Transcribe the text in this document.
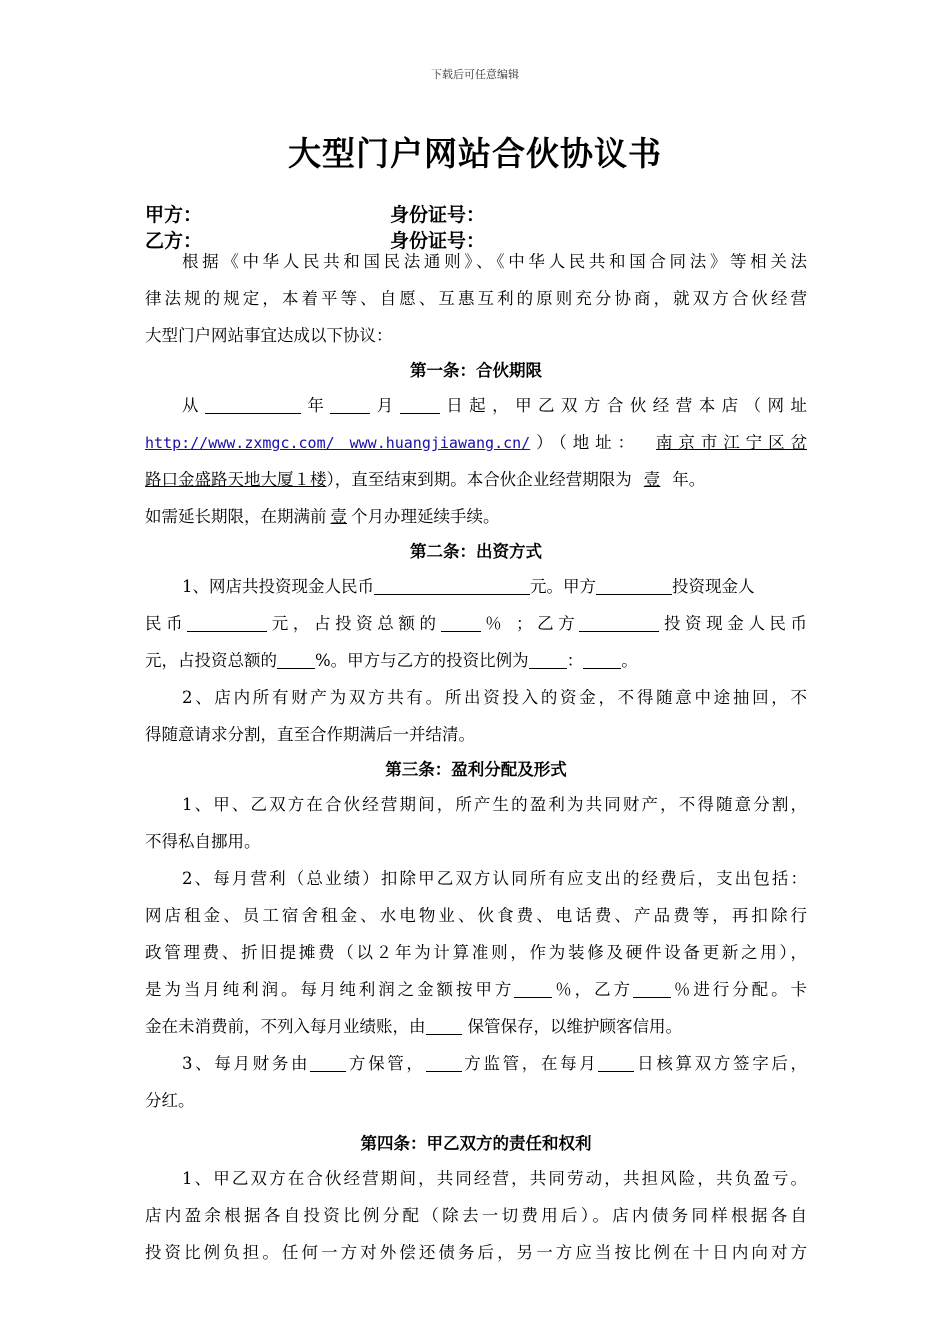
下载后可任意编辑
大型门户网站合伙协议书
甲方：	身份证号：
乙方：	身份证号：
根据《中华人民共和国民法通则》、《中华人民共和国合同法》等相关法
律法规的规定，本着平等、自愿、互惠互利的原则充分协商，就双方合伙经营
大型门户网站事宜达成以下协议：
第一条：合伙期限
从	年 月 日起，甲乙双方合伙经营本店（网址
http://www.zxmgc.com/ www.huangjiawang.cn/）（地址： 南京市江宁区岔
路口金盛路天地大厦１楼），直至结束到期。本合伙企业经营期限为 壹 年。
如需延长期限，在期满前 壹 个月办理延续手续。
第二条：出资方式
1、网店共投资现金人民币	元。甲方	投资现金人
民币	元，占投资总额的 ％ ；乙方	投资现金人民币
元，占投资总额的 %。甲方与乙方的投资比例为 ： 。
2、店内所有财产为双方共有。所出资投入的资金，不得随意中途抽回，不
得随意请求分割，直至合作期满后一并结清。
第三条：盈利分配及形式
1、甲、乙双方在合伙经营期间，所产生的盈利为共同财产，不得随意分割，
不得私自挪用。
2、每月营利（总业绩）扣除甲乙双方认同所有应支出的经费后，支出包括：
网店租金、员工宿舍租金、水电物业、伙食费、电话费、产品费等，再扣除行
政管理费、折旧提摊费（以２年为计算准则，作为装修及硬件设备更新之用），
是为当月纯利润。每月纯利润之金额按甲方 ％，乙方 ％进行分配。卡
金在未消费前，不列入每月业绩账，由	保管保存，以维护顾客信用。
3、每月财务由 方保管， 方监管，在每月 日核算双方签字后，
分红。
第四条：甲乙双方的责任和权利
1、甲乙双方在合伙经营期间，共同经营，共同劳动，共担风险，共负盈亏。
店内盈余根据各自投资比例分配（除去一切费用后）。店内债务同样根据各自
投资比例负担。任何一方对外偿还债务后，另一方应当按比例在十日内向对方
